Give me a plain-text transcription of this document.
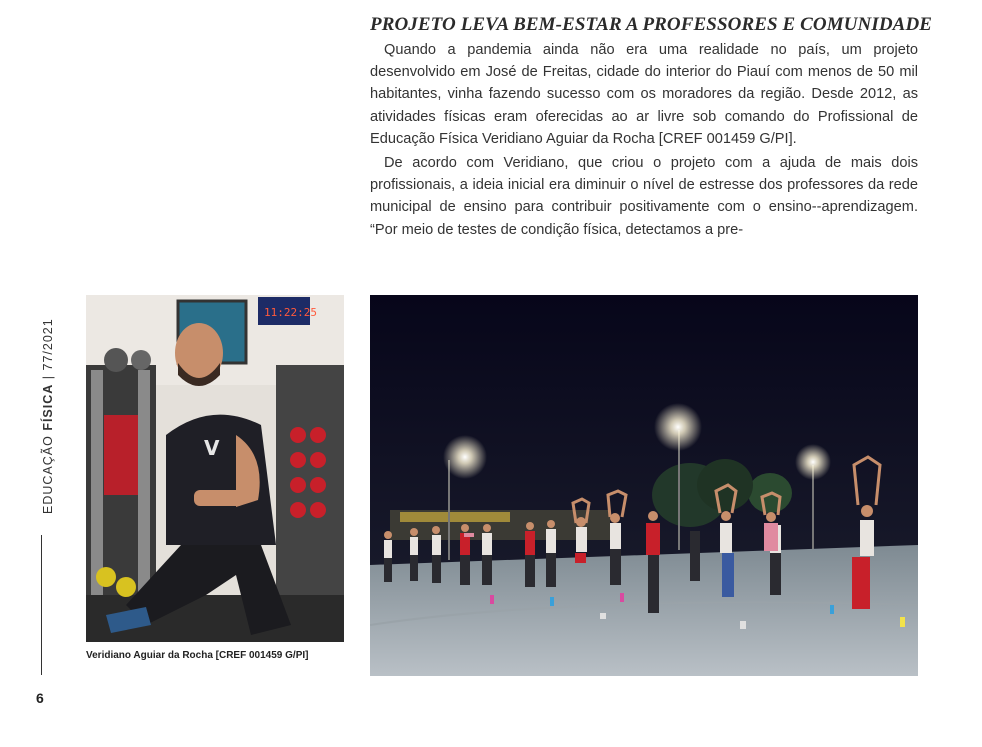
EDUCAÇÃO FÍSICA | 77/2021
6
PROJETO LEVA BEM-ESTAR A PROFESSORES E COMUNIDADE

Quando a pandemia ainda não era uma realidade no país, um projeto desenvolvido em José de Freitas, cidade do interior do Piauí com menos de 50 mil habitantes, vinha fazendo sucesso com os moradores da região. Desde 2012, as atividades físicas eram oferecidas ao ar livre sob comando do Profissional de Educação Física Veridiano Aguiar da Rocha [CREF 001459 G/PI].

De acordo com Veridiano, que criou o projeto com a ajuda de mais dois profissionais, a ideia inicial era diminuir o nível de estresse dos professores da rede municipal de ensino para contribuir positivamente com o ensino--aprendizagem. “Por meio de testes de condição física, detectamos a pre-

11:22:25
V
Veridiano Aguiar da Rocha [CREF 001459 G/PI]
